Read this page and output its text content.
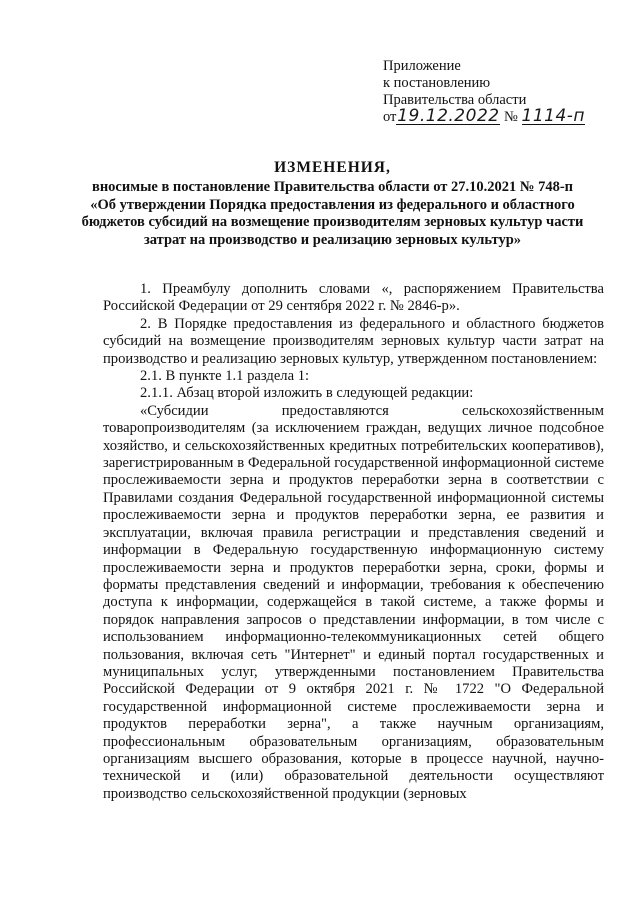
Приложение
к постановлению
Правительства области
от19.12.2022 № 1114-п
ИЗМЕНЕНИЯ,
вносимые в постановление Правительства области от 27.10.2021 № 748-п «Об утверждении Порядка предоставления из федерального и областного бюджетов субсидий на возмещение производителям зерновых культур части затрат на производство и реализацию зерновых культур»

1. Преамбулу дополнить словами «, распоряжением Правительства Российской Федерации от 29 сентября 2022 г. № 2846-р».

2. В Порядке предоставления из федерального и областного бюджетов субсидий на возмещение производителям зерновых культур части затрат на производство и реализацию зерновых культур, утвержденном постановлением:

2.1. В пункте 1.1 раздела 1:

2.1.1. Абзац второй изложить в следующей редакции:

«Субсидии предоставляются сельскохозяйственным товаропроизводителям (за исключением граждан, ведущих личное подсобное хозяйство, и сельскохозяйственных кредитных потребительских кооперативов), зарегистрированным в Федеральной государственной информационной системе прослеживаемости зерна и продуктов переработки зерна в соответствии с Правилами создания Федеральной государственной информационной системы прослеживаемости зерна и продуктов переработки зерна, ее развития и эксплуатации, включая правила регистрации и представления сведений и информации в Федеральную государственную информационную систему прослеживаемости зерна и продуктов переработки зерна, сроки, формы и форматы представления сведений и информации, требования к обеспечению доступа к информации, содержащейся в такой системе, а также формы и порядок направления запросов о представлении информации, в том числе с использованием информационно-телекоммуникационных сетей общего пользования, включая сеть "Интернет" и единый портал государственных и муниципальных услуг, утвержденными постановлением Правительства Российской Федерации от 9 октября 2021 г. № 1722 "О Федеральной государственной информационной системе прослеживаемости зерна и продуктов переработки зерна", а также научным организациям, профессиональным образовательным организациям, образовательным организациям высшего образования, которые в процессе научной, научно-технической и (или) образовательной деятельности осуществляют производство сельскохозяйственной продукции (зерновых
